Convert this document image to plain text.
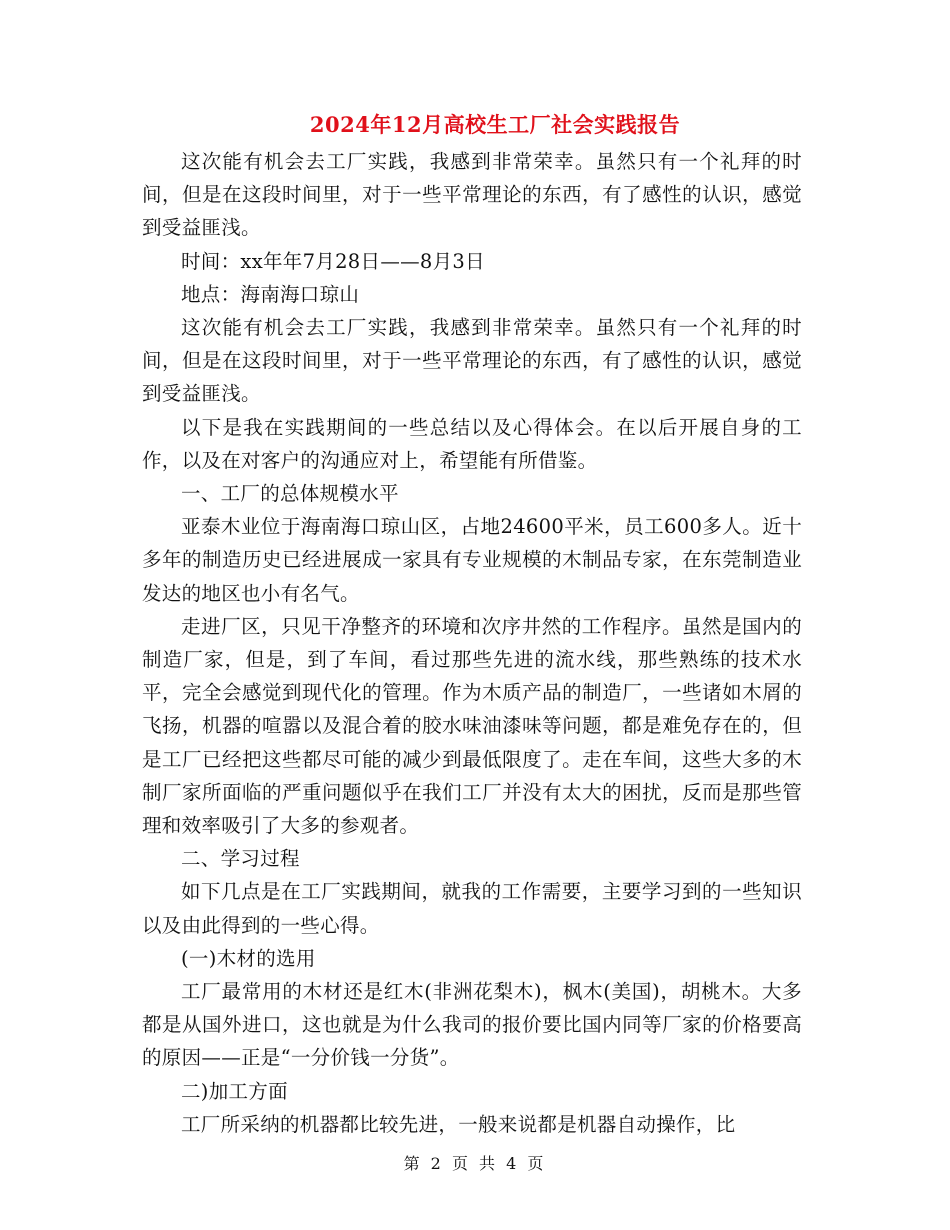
2024年12月高校生工厂社会实践报告

这次能有机会去工厂实践，我感到非常荣幸。虽然只有一个礼拜的时间，但是在这段时间里，对于一些平常理论的东西，有了感性的认识，感觉到受益匪浅。

时间：xx年年7月28日——8月3日

地点：海南海口琼山

这次能有机会去工厂实践，我感到非常荣幸。虽然只有一个礼拜的时间，但是在这段时间里，对于一些平常理论的东西，有了感性的认识，感觉到受益匪浅。

以下是我在实践期间的一些总结以及心得体会。在以后开展自身的工作，以及在对客户的沟通应对上，希望能有所借鉴。

一、工厂的总体规模水平

亚泰木业位于海南海口琼山区，占地24600平米，员工600多人。近十多年的制造历史已经进展成一家具有专业规模的木制品专家，在东莞制造业发达的地区也小有名气。

走进厂区，只见干净整齐的环境和次序井然的工作程序。虽然是国内的制造厂家，但是，到了车间，看过那些先进的流水线，那些熟练的技术水平，完全会感觉到现代化的管理。作为木质产品的制造厂，一些诸如木屑的飞扬，机器的喧嚣以及混合着的胶水味油漆味等问题，都是难免存在的，但是工厂已经把这些都尽可能的减少到最低限度了。走在车间，这些大多的木制厂家所面临的严重问题似乎在我们工厂并没有太大的困扰，反而是那些管理和效率吸引了大多的参观者。

二、学习过程

如下几点是在工厂实践期间，就我的工作需要，主要学习到的一些知识以及由此得到的一些心得。

(一)木材的选用

工厂最常用的木材还是红木(非洲花梨木)，枫木(美国)，胡桃木。大多都是从国外进口，这也就是为什么我司的报价要比国内同等厂家的价格要高的原因——正是“一分价钱一分货”。

二)加工方面

工厂所采纳的机器都比较先进，一般来说都是机器自动操作，比

第 2 页 共 4 页
